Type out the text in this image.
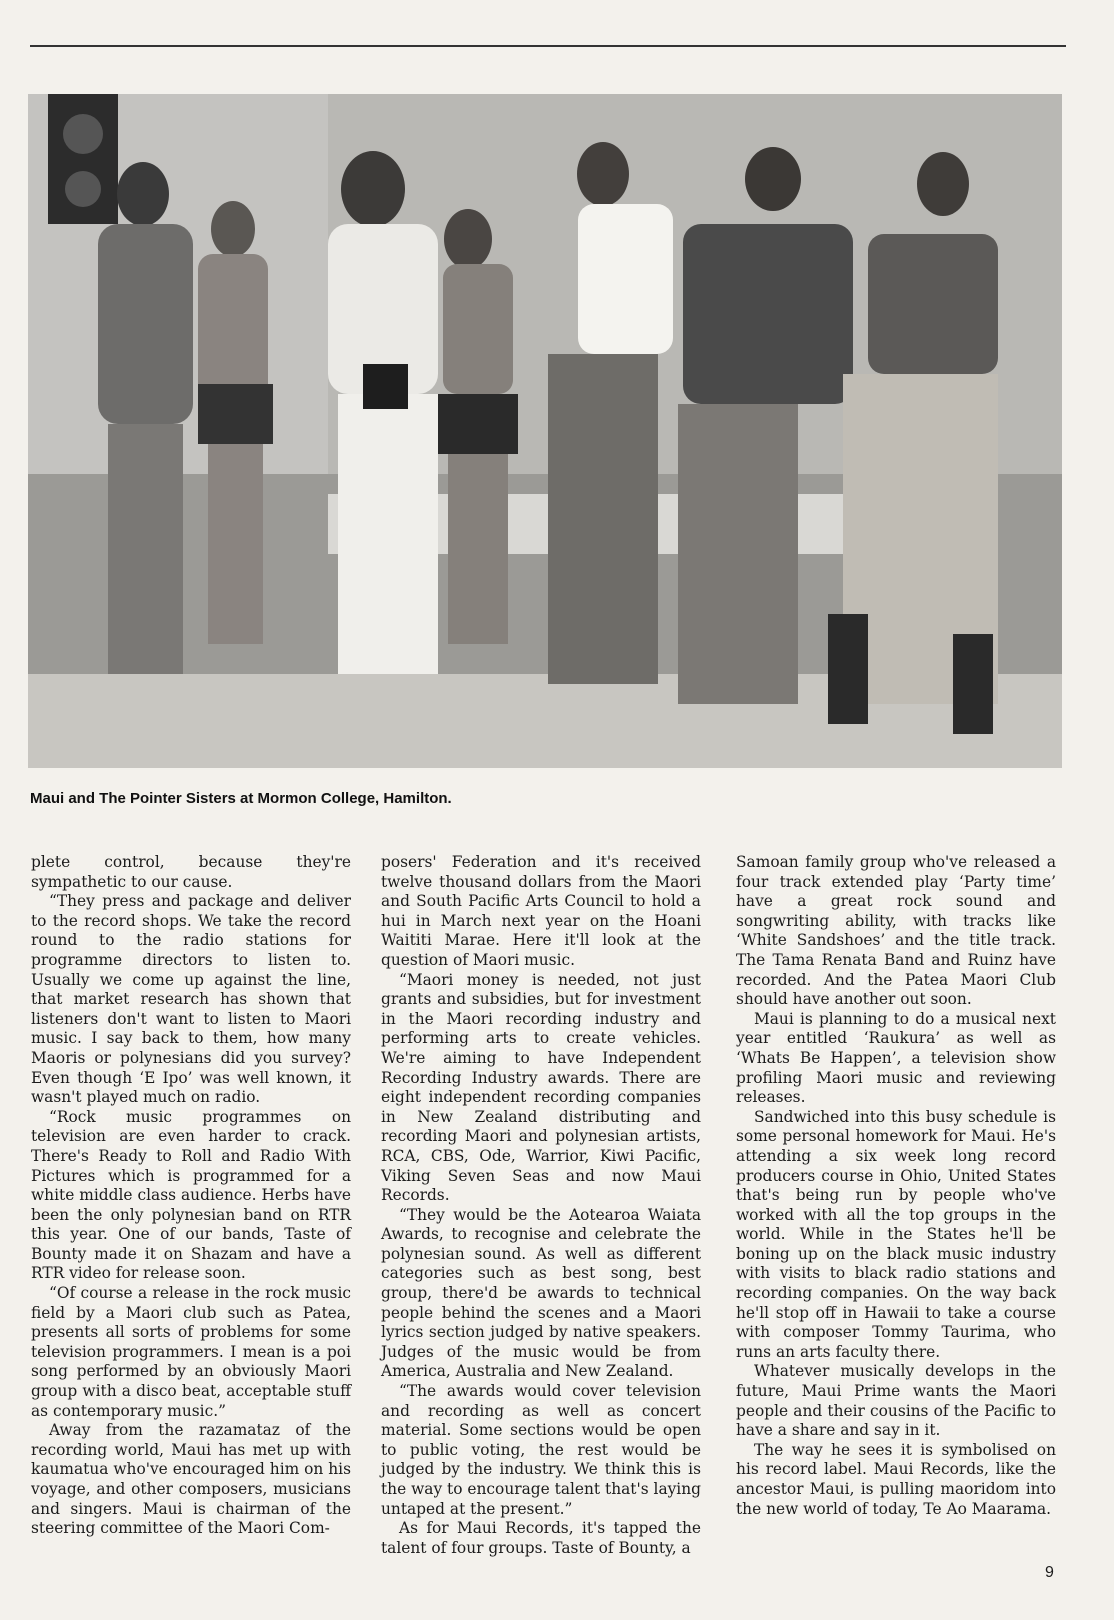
Maui and The Pointer Sisters at Mormon College, Hamilton.

plete control, because they're sympathetic to our cause.

“They press and package and deliver to the record shops. We take the record round to the radio stations for programme directors to listen to. Usually we come up against the line, that market research has shown that listeners don't want to listen to Maori music. I say back to them, how many Maoris or polynesians did you survey? Even though ‘E Ipo’ was well known, it wasn't played much on radio.

“Rock music programmes on television are even harder to crack. There's Ready to Roll and Radio With Pictures which is programmed for a white middle class audience. Herbs have been the only polynesian band on RTR this year. One of our bands, Taste of Bounty made it on Shazam and have a RTR video for release soon.

“Of course a release in the rock music field by a Maori club such as Patea, presents all sorts of problems for some television programmers. I mean is a poi song performed by an obviously Maori group with a disco beat, acceptable stuff as contemporary music.”

Away from the razamataz of the recording world, Maui has met up with kaumatua who've encouraged him on his voyage, and other composers, musicians and singers. Maui is chairman of the steering committee of the Maori Com-

posers' Federation and it's received twelve thousand dollars from the Maori and South Pacific Arts Council to hold a hui in March next year on the Hoani Waititi Marae. Here it'll look at the question of Maori music.

“Maori money is needed, not just grants and subsidies, but for investment in the Maori recording industry and performing arts to create vehicles. We're aiming to have Independent Recording Industry awards. There are eight independent recording companies in New Zealand distributing and recording Maori and polynesian artists, RCA, CBS, Ode, Warrior, Kiwi Pacific, Viking Seven Seas and now Maui Records.

“They would be the Aotearoa Waiata Awards, to recognise and celebrate the polynesian sound. As well as different categories such as best song, best group, there'd be awards to technical people behind the scenes and a Maori lyrics section judged by native speakers. Judges of the music would be from America, Australia and New Zealand.

“The awards would cover television and recording as well as concert material. Some sections would be open to public voting, the rest would be judged by the industry. We think this is the way to encourage talent that's laying untaped at the present.”

As for Maui Records, it's tapped the talent of four groups. Taste of Bounty, a

Samoan family group who've released a four track extended play ‘Party time’ have a great rock sound and songwriting ability, with tracks like ‘White Sandshoes’ and the title track. The Tama Renata Band and Ruinz have recorded. And the Patea Maori Club should have another out soon.

Maui is planning to do a musical next year entitled ‘Raukura’ as well as ‘Whats Be Happen’, a television show profiling Maori music and reviewing releases.

Sandwiched into this busy schedule is some personal homework for Maui. He's attending a six week long record producers course in Ohio, United States that's being run by people who've worked with all the top groups in the world. While in the States he'll be boning up on the black music industry with visits to black radio stations and recording companies. On the way back he'll stop off in Hawaii to take a course with composer Tommy Taurima, who runs an arts faculty there.

Whatever musically develops in the future, Maui Prime wants the Maori people and their cousins of the Pacific to have a share and say in it.

The way he sees it is symbolised on his record label. Maui Records, like the ancestor Maui, is pulling maoridom into the new world of today, Te Ao Maarama.

9
